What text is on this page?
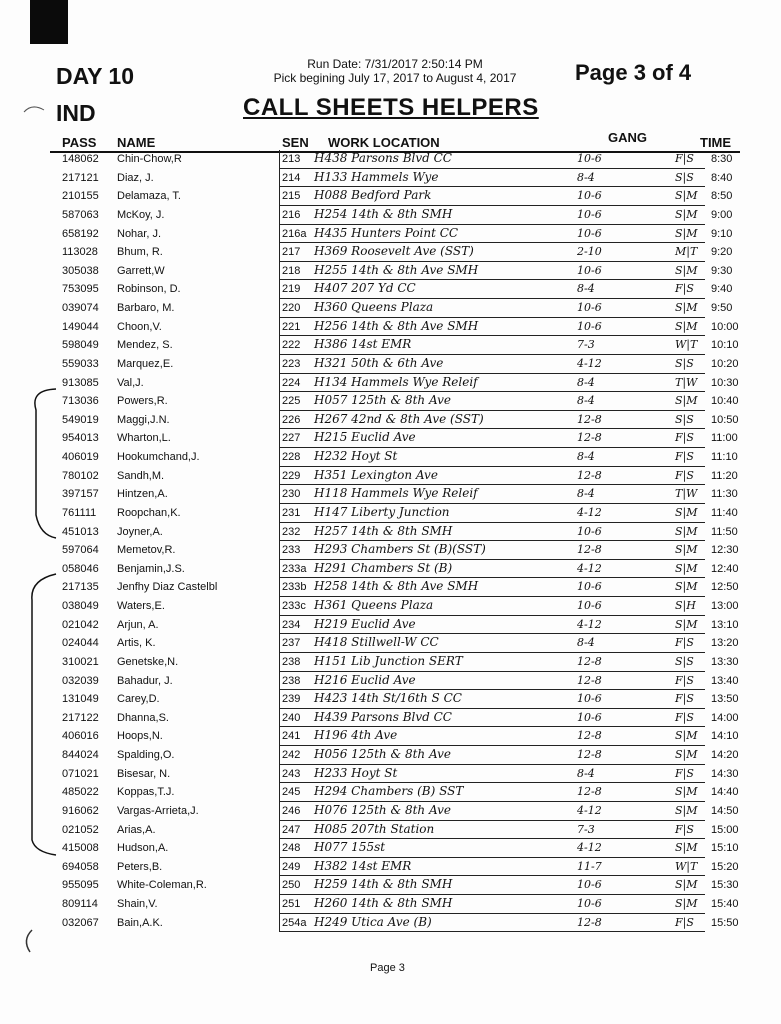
DAY 10
IND
Run Date: 7/31/2017 2:50:14 PM
Pick begining July 17, 2017 to August 4, 2017	Page 3 of 4
CALL SHEETS HELPERS
PASS NAME	SEN WORK LOCATION	GANG	TIME
148062 Chin-Chow,R	213	H438 Parsons Blvd CC	10-6	F|S 8:30
217121 Diaz, J.	214	H133 Hammels Wye	8-4	S|S 8:40
210155 Delamaza, T.	215	H088 Bedford Park	10-6	S|M 8:50
587063 McKoy, J.	216	H254 14th & 8th SMH	10-6	S|M 9:00
658192 Nohar, J.	216a H435 Hunters Point CC	10-6	S|M 9:10
113028 Bhum, R.	217	H369 Roosevelt Ave (SST)	2-10	M|T 9:20
305038 Garrett,W	218	H255 14th & 8th Ave SMH	10-6	S|M 9:30
753095 Robinson, D.	219	H407 207 Yd CC	8-4	F|S 9:40
039074 Barbaro, M.	220	H360 Queens Plaza	10-6	S|M 9:50
149044 Choon,V.	221	H256 14th & 8th Ave SMH	10-6	S|M 10:00
598049 Mendez, S.	222	H386 14st EMR	7-3	W|T 10:10
559033 Marquez,E.	223	H321 50th & 6th Ave	4-12	S|S 10:20
913085 Val,J.	224	H134 Hammels Wye Releif	8-4	T|W 10:30
713036 Powers,R.	225	H057 125th & 8th Ave	8-4	S|M 10:40
549019 Maggi,J.N.	226	H267 42nd & 8th Ave (SST)	12-8	S|S 10:50
954013 Wharton,L.	227	H215 Euclid Ave	12-8	F|S 11:00
406019 Hookumchand,J.	228	H232 Hoyt St	8-4	F|S 11:10
780102 Sandh,M.	229	H351 Lexington Ave	12-8	F|S 11:20
397157 Hintzen,A.	230	H118 Hammels Wye Releif	8-4	T|W 11:30
761111 Roopchan,K.	231	H147 Liberty Junction	4-12	S|M 11:40
451013 Joyner,A.	232	H257 14th & 8th SMH	10-6	S|M 11:50
597064 Memetov,R.	233	H293 Chambers St (B)(SST)	12-8	S|M 12:30
058046 Benjamin,J.S.	233a H291 Chambers St (B)	4-12	S|M 12:40
217135 Jenfhy Diaz Castelbl	233b H258 14th & 8th Ave SMH	10-6	S|M 12:50
038049 Waters,E.	233c H361 Queens Plaza	10-6	S|H 13:00
021042 Arjun, A.	234	H219 Euclid Ave	4-12	S|M 13:10
024044 Artis, K.	237	H418 Stillwell-W CC	8-4	F|S 13:20
310021 Genetske,N.	238	H151 Lib Junction SERT	12-8	S|S 13:30
032039 Bahadur, J.	238	H216 Euclid Ave	12-8	F|S 13:40
131049 Carey,D.	239	H423 14th St/16th S CC	10-6	F|S 13:50
217122 Dhanna,S.	240	H439 Parsons Blvd CC	10-6	F|S 14:00
406016 Hoops,N.	241	H196 4th Ave	12-8	S|M 14:10
844024 Spalding,O.	242	H056 125th & 8th Ave	12-8	S|M 14:20
071021 Bisesar, N.	243	H233 Hoyt St	8-4	F|S 14:30
485022 Koppas,T.J.	245	H294 Chambers (B) SST	12-8	S|M 14:40
916062 Vargas-Arrieta,J.	246	H076 125th & 8th Ave	4-12	S|M 14:50
021052 Arias,A.	247	H085 207th Station	7-3	F|S 15:00
415008 Hudson,A.	248	H077 155st	4-12	S|M 15:10
694058 Peters,B.	249	H382 14st EMR	11-7	W|T 15:20
955095 White-Coleman,R.	250	H259 14th & 8th SMH	10-6	S|M 15:30
809114 Shain,V.	251	H260 14th & 8th SMH	10-6	S|M 15:40
032067 Bain,A.K.	254a H249 Utica Ave (B)	12-8	F|S 15:50
Page 3
